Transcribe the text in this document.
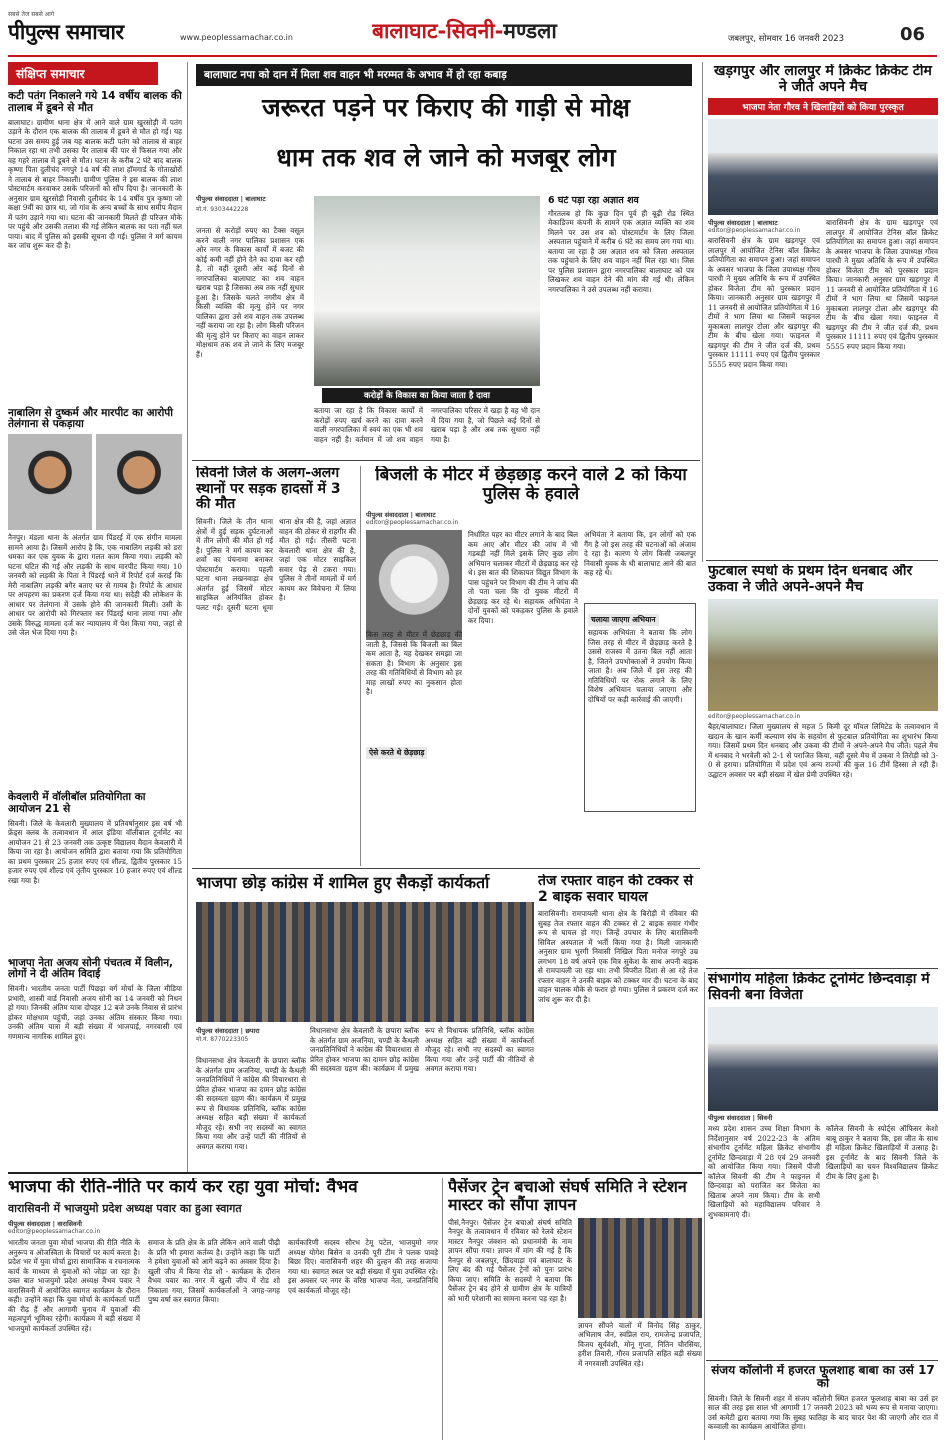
सबसे तेज सबसे आगे
पीपुल्स समाचार	www.peoplessamachar.co.in	बालाघाट-सिवनी-मण्डला	जबलपुर, सोमवार 16 जनवरी 2023	06
संक्षिप्त समाचार
कटी पतंग निकालने गये 14 वर्षीय बालक की तालाब में डूबने से मौत
बालाघाट। ग्रामीण थाना क्षेत्र में आने वाले ग्राम खुरसोड़ी में पतंग उड़ाने के दौरान एक बालक की तालाब में डूबने से मौत हो गई। यह घटना उस समय हुई जब यह बालक कटी पतंग को तालाब से बाहर निकाल रहा था तभी उसका पैर तालाब की पार से फिसल गया और वह गहरे तालाब में डूबने से मौत। घटना के करीब 2 घंटे बाद बालक कृष्णा पिता दुलीचंद नगपुरे 14 वर्ष की लाश हॉमगार्ड के गोताखोरों ने तालाब से बाहर निकाली। ग्रामीण पुलिस ने इस बालक की लाश पोस्टमार्टम करवाकर उसके परिजनों को सौंप दिया है। जानकारी के अनुसार ग्राम खुरसोड़ी निवासी दुलीचंद के 14 वर्षीय पुत्र कृष्णा जो कक्षा 9वीं का छात्र था, जो गांव के अन्य बच्चों के साथ समीप मैदान में पतंग उड़ाने गया था। घटना की जानकारी मिलते ही परिजन मौके पर पहुंचे और उसकी तलाश की गई लेकिन बालक का पता नहीं चल पाया। बाद में पुलिस को इसकी सूचना दी गई। पुलिस ने मर्ग कायम कर जांच शुरू कर दी है।
नाबालिग से दुष्कर्म और मारपीट का आरोपी तेलंगाना से पकड़ाया
नैनपुर। मंडला थाना के अंतर्गत ग्राम पिंडरई में एक संगीन मामला सामने आया है। जिसमें आरोप है कि, एक नाबालिग लड़की को डरा धमका कर एक युवक के द्वारा गलत काम किया गया। लड़की को घटना घटित की गई और लड़की के साथ मारपीट किया गया। 10 जनवरी को लड़की के पिता ने पिंडरई थाने में रिपोर्ट दर्ज कराई कि मेरी नाबालिग लड़की बगैर बताए घर से गायब है। रिपोर्ट के आधार पर अपहरण का प्रकरण दर्ज किया गया था। सदेही की लोकेशन के आधार पर तेलंगाना में उसके होने की जानकारी मिली। उसी के आधार पर आरोपी को गिरफ्तार कर पिंडरई थाना लाया गया और उसके विरुद्ध मामला दर्ज कर न्यायालय में पेश किया गया, जहां से उसे जेल भेज दिया गया है।
केवलारी में वॉलीबॉल प्रतियोगिता का आयोजन 21 से
सिवनी। जिले के केवलारी मुख्यालय में प्रतिवर्षानुसार इस वर्ष भी फ्रेंड्स क्लब के तत्वावधान में आल इंडिया वॉलीबाल टूर्नामेंट का आयोजन 21 से 23 जनवरी तक उत्कृष्ट विद्यालय मैदान केवलारी में किया जा रहा है। आयोजन समिति द्वारा बताया गया कि प्रतियोगिता का प्रथम पुरस्कार 25 हजार रुपए एवं शील्ड, द्वितीय पुरस्कार 15 हजार रुपए एवं शील्ड एवं तृतीय पुरस्कार 10 हजार रुपए एवं शील्ड रखा गया है।
भाजपा नेता अजय सोनी पंचतत्व में विलीन, लोगों ने दी अंतिम विदाई
सिवनी। भारतीय जनता पार्टी पिछड़ा वर्ग मोर्चा के जिला मीडिया प्रभारी, शास्त्री वार्ड निवासी अजय सोनी का 14 जनवरी को निधन हो गया। जिनकी अंतिम यात्रा दोपहर 12 बजे उनके निवास से प्रारंभ होकर मोक्षधाम पहुंची, जहां उनका अंतिम संस्कार किया गया। उनकी अंतिम यात्रा में बड़ी संख्या में भाजपाई, नगरवासी एवं गणमान्य नागरिक शामिल हुए।
बालाघाट नपा को दान में मिला शव वाहन भी मरम्मत के अभाव में हो रहा कबाड़
जरूरत पड़ने पर किराए की गाड़ी से मोक्ष
धाम तक शव ले जाने को मजबूर लोग
पीपुल्स संवाददाता | बालाघाट
मो.नं. 9303442228
जनता से करोड़ों रुपए का टैक्स वसूल करने वाली नगर पालिका प्रशासन एक ओर नगर के विकास कार्यों में बजट की कोई कमी नहीं होने देने का दावा कर रही है, तो वहीं दूसरी ओर कई दिनों से नगरपालिका बालाघाट का शव वाहन खराब पड़ा है जिसका अब तक नहीं सुधार हुआ है। जिसके चलते नगरीय क्षेत्र में किसी व्यक्ति की मृत्यु होने पर नगर पालिका द्वारा उसे शव वाहन तक उपलब्ध नहीं कराया जा रहा है। लोग किसी परिजन की मृत्यु होने पर किराए का वाहन लाकर मोक्षधाम तक शव ले जाने के लिए मजबूर हैं।
करोड़ों के विकास का किया जाता है दावा
बताया जा रहा है कि विकास कार्यों में करोड़ों रुपए खर्च करने का दावा करने वाली नगरपालिका में स्वयं का एक भी शव वाहन नहीं है। वर्तमान में जो शव वाहन नगरपालिका परिसर में खड़ा है वह भी दान में दिया गया है, जो पिछले कई दिनों से खराब पड़ा है और अब तक सुधारा नहीं गया है।
6 घंटे पड़ा रहा अज्ञात शव
गौरतलब हो कि कुछ दिन पूर्व ही बूढ़ी रोड स्थित मेकाडिज्म कंपनी के सामने एक अज्ञात व्यक्ति का शव मिलने पर उस शव को पोस्टमार्टम के लिए जिला अस्पताल पहुंचाने में करीब 6 घंटे का समय लग गया था। बताया जा रहा है उस अज्ञात शव को जिला अस्पताल तक पहुंचाने के लिए शव वाहन नहीं मिल रहा था। जिस पर पुलिस प्रशासन द्वारा नगरपालिका बालाघाट को पत्र लिखकर शव वाहन देने की मांग की गई थी। लेकिन नगरपालिका ने उसे उपलब्ध नहीं कराया।
खड़गपुर और लालपुर में क्रिकेट क्रिकेट टीम ने जीते अपने मैच
भाजपा नेता गौरव ने खिलाड़ियों को किया पुरस्कृत
पीपुल्स संवाददाता | बालाघाट
editor@peoplessamachar.co.in
बारासिवनी क्षेत्र के ग्राम खड़गपुर एवं लालपुर में आयोजित टेनिस बॉल क्रिकेट प्रतियोगिता का समापन हुआ। जहां समापन के अवसर भाजपा के जिला उपाध्यक्ष गौरव पारधी ने मुख्य अतिथि के रूप में उपस्थित होकर विजेता टीम को पुरस्कार प्रदान किया। जानकारी अनुसार ग्राम खड़गपुर में 11 जनवरी से आयोजित प्रतियोगिता में 16 टीमों ने भाग लिया था जिसमें फाइनल मुकाबला लालपुर टोला और खड़गपुर की टीम के बीच खेला गया। फाइनल में खड़गपुर की टीम ने जीत दर्ज की, प्रथम पुरस्कार 11111 रुपए एवं द्वितीय पुरस्कार 5555 रुपए प्रदान किया गया।
बारासिवनी क्षेत्र के ग्राम खड़गपुर एवं लालपुर में आयोजित टेनिस बॉल क्रिकेट प्रतियोगिता का समापन हुआ। जहां समापन के अवसर भाजपा के जिला उपाध्यक्ष गौरव पारधी ने मुख्य अतिथि के रूप में उपस्थित होकर विजेता टीम को पुरस्कार प्रदान किया। जानकारी अनुसार ग्राम खड़गपुर में 11 जनवरी से आयोजित प्रतियोगिता में 16 टीमों ने भाग लिया था जिसमें फाइनल मुकाबला लालपुर टोला और खड़गपुर की टीम के बीच खेला गया। फाइनल में खड़गपुर की टीम ने जीत दर्ज की, प्रथम पुरस्कार 11111 रुपए एवं द्वितीय पुरस्कार 5555 रुपए प्रदान किया गया।
सिवनी जिले के अलग-अलग स्थानों पर सड़क हादसों में 3 की मौत
सिवनी। जिले के तीन थाना क्षेत्रों में हुई सड़क दुर्घटनाओं में तीन लोगों की मौत हो गई है। पुलिस ने मर्ग कायम कर शवों का पंचनामा बनाकर पोस्टमार्टम कराया। पहली घटना थाना लखनवाड़ा क्षेत्र अंतर्गत हुई जिसमें मोटर साइकिल अनियंत्रित होकर पलट गई। दूसरी घटना धूमा थाना क्षेत्र की है, जहां अज्ञात वाहन की ठोकर से राहगीर की मौत हो गई। तीसरी घटना केवलारी थाना क्षेत्र की है, जहां एक मोटर साइकिल सवार पेड़ से टकरा गया। पुलिस ने तीनों मामलों में मर्ग कायम कर विवेचना में लिया है।
बिजली के मीटर में छेड़छाड़ करने वाले 2 को किया पुलिस के हवाले
पीपुल्स संवाददाता | बालाघाट
editor@peoplessamachar.co.in
निर्धारित पहर का मीटर लगाने के बाद बिल कम आए और मीटर की जांच में भी गड़बड़ी नहीं मिले इसके लिए कुछ लोग अभियान चलाकर मीटरों में छेड़छाड़ कर रहे थे। इस बात की शिकायत विद्युत विभाग के पास पहुंचने पर विभाग की टीम ने जांच की तो पता चला कि दो युवक मीटरों में छेड़छाड़ कर रहे थे। सहायक अभियंता ने दोनों युवकों को पकड़कर पुलिस के हवाले कर दिया।
अभियंता ने बताया कि, इन लोगों को एक गैंग है जो इस तरह की घटनाओं को अंजाम दे रहा है। कारण ये लोग किसी जबलपुर निवासी युवक के थी बालाघाट आने की बात कह रहे थे।
चलाया जाएगा अभियान
सहायक अभियंता ने बताया कि लोग जिस तरह से मीटर में छेड़छाड़ करते है उससे राजस्व में उतना बिल नहीं आता है, जितने उपभोक्ताओं ने उपयोग किया जाता है। अब जिले में इस तरह की गतिविधियों पर रोक लगाने के लिए विशेष अभियान चलाया जाएगा और दोषियों पर कड़ी कार्रवाई की जाएगी।
किस तरह से मीटर में छेड़छाड़ की जाती है, जिससे कि बिजली का बिल कम आता है, यह देखकर समझा जा सकता है। विभाग के अनुसार इस तरह की गतिविधियों से विभाग को हर माह लाखों रुपए का नुकसान होता है।
ऐसे करते थे छेड़छाड़
फुटबाल स्पर्धा के प्रथम दिन धनबाद और उकवा ने जीते अपने-अपने मैच
editor@peoplessamachar.co.in
बैहर/बालाघाट। जिला मुख्यालय से महज 5 किमी दूर मॉयल लिमिटेड के तत्वावधान में खदान के खान कर्मी कल्याण संघ के सहयोग से फुटबाल प्रतियोगिता का शुभारंभ किया गया। जिसमें प्रथम दिन धनबाद और उकवा की टीमों ने अपने-अपने मैच जीते। पहले मैच में धनबाद ने भरवेली को 2-1 से पराजित किया, वहीं दूसरे मैच में उकवा ने तिरोड़ी को 3-0 से हराया। प्रतियोगिता में प्रदेश एवं अन्य राज्यों की कुल 16 टीमें हिस्सा ले रही हैं। उद्घाटन अवसर पर बड़ी संख्या में खेल प्रेमी उपस्थित रहे।
भाजपा छोड़ कांग्रेस में शामिल हुए सैकड़ों कार्यकर्ता
पीपुल्स संवाददाता | छपारा
मो.नं. 8770223305
विधानसभा क्षेत्र केवलारी के छपारा ब्लॉक के अंतर्गत ग्राम अजनिया, चण्डी के कैथली जनप्रतिनिधियों ने कांग्रेस की विचारधारा से प्रेरित होकर भाजपा का दामन छोड़ कांग्रेस की सदस्यता ग्रहण की। कार्यक्रम में प्रमुख रूप से विधायक प्रतिनिधि, ब्लॉक कांग्रेस अध्यक्ष सहित बड़ी संख्या में कार्यकर्ता मौजूद रहे। सभी नए सदस्यों का स्वागत किया गया और उन्हें पार्टी की नीतियों से अवगत कराया गया।
विधानसभा क्षेत्र केवलारी के छपारा ब्लॉक के अंतर्गत ग्राम अजनिया, चण्डी के कैथली जनप्रतिनिधियों ने कांग्रेस की विचारधारा से प्रेरित होकर भाजपा का दामन छोड़ कांग्रेस की सदस्यता ग्रहण की। कार्यक्रम में प्रमुख रूप से विधायक प्रतिनिधि, ब्लॉक कांग्रेस अध्यक्ष सहित बड़ी संख्या में कार्यकर्ता मौजूद रहे। सभी नए सदस्यों का स्वागत किया गया और उन्हें पार्टी की नीतियों से अवगत कराया गया।
तेज रफ्तार वाहन की टक्कर से 2 बाइक सवार घायल
बारासिवनी। रामपायली थाना क्षेत्र के बिरोड़ी में रविवार की सुबह तेज रफ्तार वाहन की टक्कर से 2 बाइक सवार गंभीर रूप से घायल हो गए। जिन्हें उपचार के लिए बारासिवनी सिविल अस्पताल में भर्ती किया गया है। मिली जानकारी अनुसार ग्राम भुरगी निवासी निखिल पिता मनोज नगपुरे उम्र लगभग 18 वर्ष अपने एक मित्र सुकेश के साथ अपनी बाइक से रामपायली जा रहा था। तभी विपरीत दिशा से आ रहे तेज रफ्तार वाहन ने उनकी बाइक को टक्कर मार दी। घटना के बाद वाहन चालक मौके से फरार हो गया। पुलिस ने प्रकरण दर्ज कर जांच शुरू कर दी है।
संभागीय महिला क्रिकेट टूर्नामेंट छिन्दवाड़ा में सिवनी बना विजेता
पीपुल्स संवाददाता | सिवनी
मध्य प्रदेश शासन उच्च शिक्षा विभाग के निर्देशानुसार वर्ष 2022-23 के अंतिम संभागीय टूर्नामेंट महिला क्रिकेट संभागीय टूर्नामेंट छिन्दवाड़ा में 28 एवं 29 जनवरी को आयोजित किया गया। जिसमें पीजी कॉलेज सिवनी की टीम ने फाइनल में छिन्दवाड़ा को पराजित कर विजेता का खिताब अपने नाम किया। टीम के सभी खिलाड़ियों को महाविद्यालय परिवार ने शुभकामनाएं दी।
कॉलेज सिवनी के स्पोर्ट्स ऑफिसर केशो बाबू ठाकुर ने बताया कि, इस जीत के साथ ही महिला क्रिकेट खिलाड़ियों में उत्साह है। इस टूर्नामेंट के बाद सिवनी जिले के खिलाड़ियों का चयन विश्वविद्यालय क्रिकेट टीम के लिए हुआ है।
भाजपा की रीति-नीति पर कार्य कर रहा युवा मोर्चा: वैभव
वारासिवनी में भाजयुमो प्रदेश अध्यक्ष पवार का हुआ स्वागत
पीपुल्स संवाददाता | वारासिवनी
editor@peoplessamachar.co.in
भारतीय जनता युवा मोर्चा भाजपा की रीति नीति के अनुरूप व ओजस्विता के विचारों पर कार्य करता है। प्रदेश भर में युवा मोर्चा द्वारा सामाजिक व रचनात्मक कार्य के माध्यम से युवाओं को जोड़ा जा रहा है। उक्त बात भाजयुमो प्रदेश अध्यक्ष वैभव पवार ने वारासिवनी में आयोजित स्वागत कार्यक्रम के दौरान कही। उन्होंने कहा कि युवा मोर्चा के कार्यकर्ता पार्टी की रीढ़ हैं और आगामी चुनाव में युवाओं की महत्वपूर्ण भूमिका रहेगी। कार्यक्रम में बड़ी संख्या में भाजयुमो कार्यकर्ता उपस्थित रहे।
समाज के प्रति क्षेत्र के प्रति लेकिन आने वाली पीढ़ी के प्रति भी हमारा कर्तव्य है। उन्होंने कहा कि पार्टी ने हमेशा युवाओं को आगे बढ़ने का अवसर दिया है। खुली जीप में किया रोड शो - कार्यक्रम के दौरान वैभव पवार का नगर में खुली जीप में रोड शो निकाला गया, जिसमें कार्यकर्ताओं ने जगह-जगह पुष्प वर्षा कर स्वागत किया।
कार्यकारिणी सदस्य सौरभ टेमू पटेल, भाजयुमो नगर अध्यक्ष योगेश बिसेन व उनकी पूरी टीम ने पलक पावड़े बिछा दिए। वारासिवनी शहर की दुल्हन की तरह सजाया गया था। स्वागत स्थल पर बड़ी संख्या में युवा उपस्थित रहे। इस अवसर पर नगर के वरिष्ठ भाजपा नेता, जनप्रतिनिधि एवं कार्यकर्ता मौजूद रहे।
पैसेंजर ट्रेन बचाओ संघर्ष समिति ने स्टेशन मास्टर को सौंपा ज्ञापन
पीसं,नैनपुर। पैसेंजर ट्रेन बचाओ संघर्ष समिति नैनपुर के तत्वावधान में रविवार को रेलवे स्टेशन मास्टर नैनपुर जंक्शन को प्रधानमंत्री के नाम ज्ञापन सौंपा गया। ज्ञापन में मांग की गई है कि नैनपुर से जबलपुर, छिंदवाड़ा एवं बालाघाट के लिए बंद की गई पैसेंजर ट्रेनों को पुनः प्रारंभ किया जाए। समिति के सदस्यों ने बताया कि पैसेंजर ट्रेन बंद होने से ग्रामीण क्षेत्र के यात्रियों को भारी परेशानी का सामना करना पड़ रहा है।
ज्ञापन सौंपने वालों में विनोद सिंह ठाकुर, अभिलाष जैन, स्वप्निल राय, रामजेन्द्र प्रजापति, विजय सूर्यवंशी, मोनू गुप्ता, नितिन चौरसिया, हरीश तिवारी, गौरव प्रजापति सहित बड़ी संख्या में नगरवासी उपस्थित रहे।	संजय कॉलोनी में हजरत फूलशाह बाबा का उर्स 17 को
सिवनी। जिले के सिवनी शहर में संजय कॉलोनी स्थित हजरत फूलशाह बाबा का उर्स हर साल की तरह इस साल भी आगामी 17 जनवरी 2023 को भव्य रूप से मनाया जाएगा। उर्स कमेटी द्वारा बताया गया कि सुबह फातिहा के बाद चादर पेश की जाएगी और रात में कव्वाली का कार्यक्रम आयोजित होगा।
